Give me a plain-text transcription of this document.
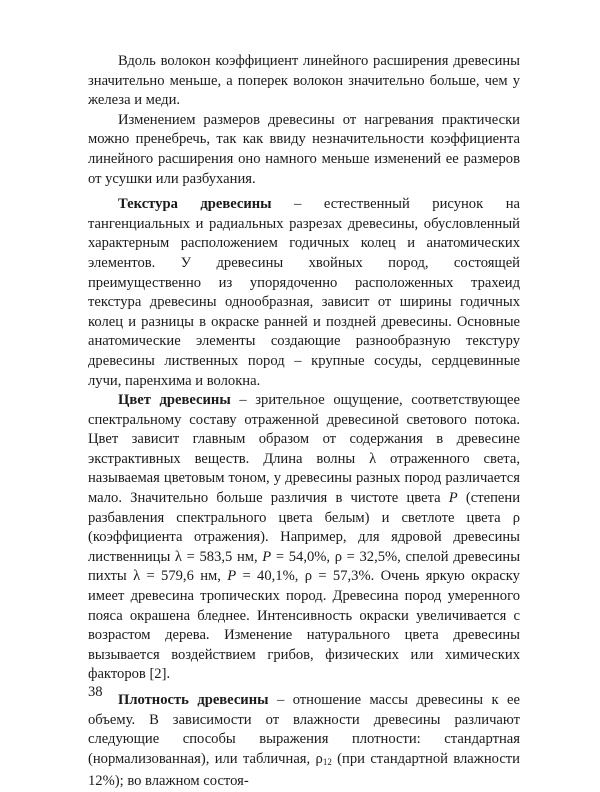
Вдоль волокон коэффициент линейного расширения древесины значительно меньше, а поперек волокон значительно больше, чем у железа и меди.

Изменением размеров древесины от нагревания практически можно пренебречь, так как ввиду незначительности коэффициента линейного расширения оно намного меньше изменений ее размеров от усушки или разбухания.

Текстура древесины – естественный рисунок на тангенциальных и радиальных разрезах древесины, обусловленный характерным расположением годичных колец и анатомических элементов. У древесины хвойных пород, состоящей преимущественно из упорядоченно расположенных трахеид текстура древесины однообразная, зависит от ширины годичных колец и разницы в окраске ранней и поздней древесины. Основные анатомические элементы создающие разнообразную текстуру древесины лиственных пород – крупные сосуды, сердцевинные лучи, паренхима и волокна.

Цвет древесины – зрительное ощущение, соответствующее спектральному составу отраженной древесиной светового потока. Цвет зависит главным образом от содержания в древесине экстрактивных веществ. Длина волны λ отраженного света, называемая цветовым тоном, у древесины разных пород различается мало. Значительно больше различия в чистоте цвета P (степени разбавления спектрального цвета белым) и светлоте цвета ρ (коэффициента отражения). Например, для ядровой древесины лиственницы λ = 583,5 нм, P = 54,0%, ρ = 32,5%, спелой древесины пихты λ = 579,6 нм, P = 40,1%, ρ = 57,3%. Очень яркую окраску имеет древесина тропических пород. Древесина пород умеренного пояса окрашена бледнее. Интенсивность окраски увеличивается с возрастом дерева. Изменение натурального цвета древесины вызывается воздействием грибов, физических или химических факторов [2].

Плотность древесины – отношение массы древесины к ее объему. В зависимости от влажности древесины различают следующие способы выражения плотности: стандартная (нормализованная), или табличная, $\rho_{12}$ (при стандартной влажности 12%); во влажном состоя-

38
